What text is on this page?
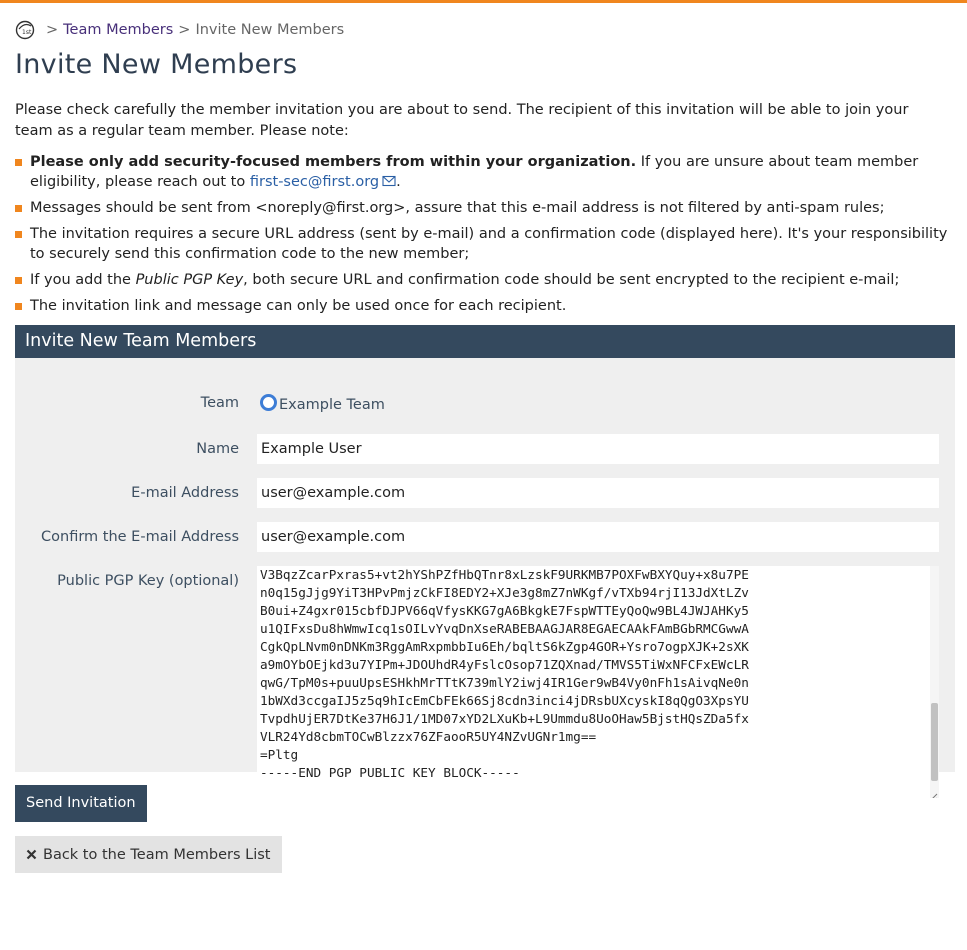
1st > Team Members > Invite New Members
Invite New Members
Please check carefully the member invitation you are about to send. The recipient of this invitation will be able to join your team as a regular team member. Please note:
Please only add security-focused members from within your organization. If you are unsure about team member eligibility, please reach out to first-sec@first.org .
Messages should be sent from <noreply@first.org>, assure that this e-mail address is not filtered by anti-spam rules;
The invitation requires a secure URL address (sent by e-mail) and a confirmation code (displayed here). It's your responsibility to securely send this confirmation code to the new member;
If you add the Public PGP Key, both secure URL and confirmation code should be sent encrypted to the recipient e-mail;
The invitation link and message can only be used once for each recipient.
Invite New Team Members
Team	Example Team
Name
Example User
E-mail Address
user@example.com
Confirm the E-mail Address
user@example.com
Public PGP Key (optional) V3BqzZcarPxras5+vt2hYShPZfHbQTnr8xLzskF9URKMB7POXFwBXYQuy+x8u7PE
n0q15gJjg9YiT3HPvPmjzCkFI8EDY2+XJe3g8mZ7nWKgf/vTXb94rjI13JdXtLZv
B0ui+Z4gxr015cbfDJPV66qVfysKKG7gA6BkgkE7FspWTTEyQoQw9BL4JWJAHKy5
u1QIFxsDu8hWmwIcq1sOILvYvqDnXseRABEBAAGJAR8EGAECAAkFAmBGbRMCGwwA
CgkQpLNvm0nDNKm3RggAmRxpmbbIu6Eh/bqltS6kZgp4GOR+Ysro7ogpXJK+2sXK
a9mOYbOEjkd3u7YIPm+JDOUhdR4yFslcOsop71ZQXnad/TMVS5TiWxNFCFxEWcLR
qwG/TpM0s+puuUpsESHkhMrTTtK739mlY2iwj4IR1Ger9wB4Vy0nFh1sAivqNe0n
1bWXd3ccgaIJ5z5q9hIcEmCbFEk66Sj8cdn3inci4jDRsbUXcyskI8qQgO3XpsYU
TvpdhUjER7DtKe37H6J1/1MD07xYD2LXuKb+L9Ummdu8UoOHaw5BjstHQsZDa5fx
VLR24Yd8cbmTOCwBlzzx76ZFaooR5UY4NZvUGNr1mg==
=Pltg
-----END PGP PUBLIC KEY BLOCK-----
Send Invitation
Back to the Team Members List
